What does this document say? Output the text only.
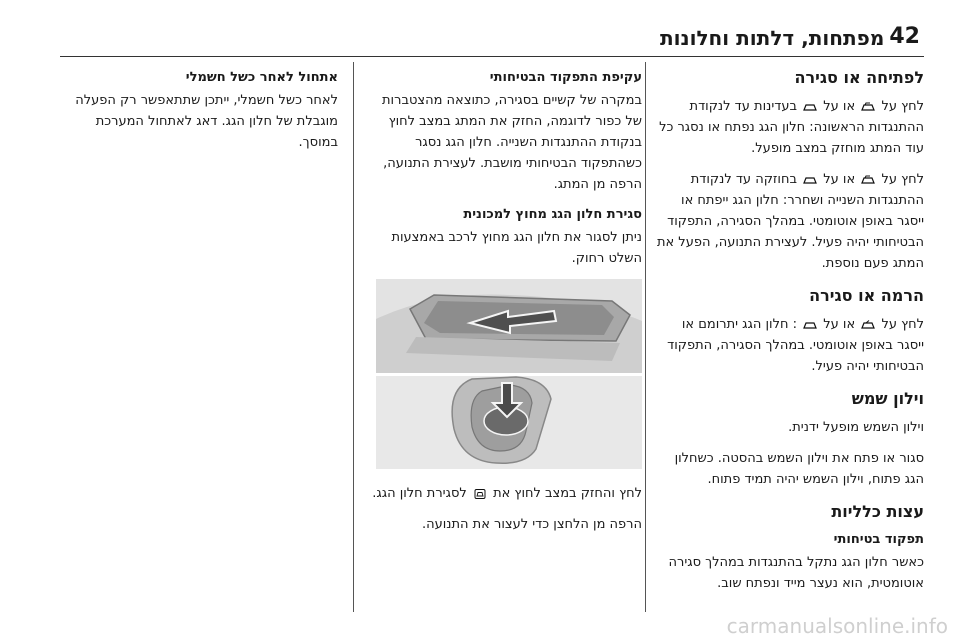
42
מפתחות, דלתות וחלונות
לפתיחה או סגירה

לחץ על
או על
בעדינות עד לנקודת ההתנגדות הראשונה: חלון הגג נפתח או נסגר כל עוד המתג מוחזק במצב מופעל.

לחץ על
או על
בחוזקה עד לנקודת ההתנגדות השנייה ושחרר: חלון הגג ייפתח או ייסגר באופן אוטומטי. במהלך הסגירה, התפקוד הבטיחותי יהיה פעיל. לעצירת התנועה, הפעל את המתג פעם נוספת.

הרמה או סגירה

לחץ על
או על
: חלון הגג יתרומם או ייסגר באופן אוטומטי. במהלך הסגירה, התפקוד הבטיחותי יהיה פעיל.

וילון שמש

וילון השמש מופעל ידנית.

סגור או פתח את וילון השמש בהסטה. כשחלון הגג פתוח, וילון השמש יהיה תמיד פתוח.

עצות כלליות
תפקוד בטיחותי

כאשר חלון הגג נתקל בהתנגדות במהלך סגירה אוטומטית, הוא נעצר מייד ונפתח שוב.

עקיפת התפקוד הבטיחותי

במקרה של קשיים בסגירה, כתוצאה מהצטברות של כפור לדוגמה, החזק את המתג במצב לחוץ בנקודת ההתנגדות השנייה. חלון הגג נסגר כשהתפקוד הבטיחותי מושבת. לעצירת התנועה, הרפה מן המתג.

סגירת חלון הגג מחוץ למכונית

ניתן לסגור את חלון הגג מחוץ לרכב באמצעות השלט רחוק.

לחץ והחזק במצב לחוץ את
לסגירת חלון הגג.

הרפה מן הלחצן כדי לעצור את התנועה.

אתחול לאחר כשל חשמלי

לאחר כשל חשמלי, ייתכן שתתאפשר רק הפעלה מוגבלת של חלון הגג. דאג לאתחול המערכת במוסך.

carmanualsonline.info
